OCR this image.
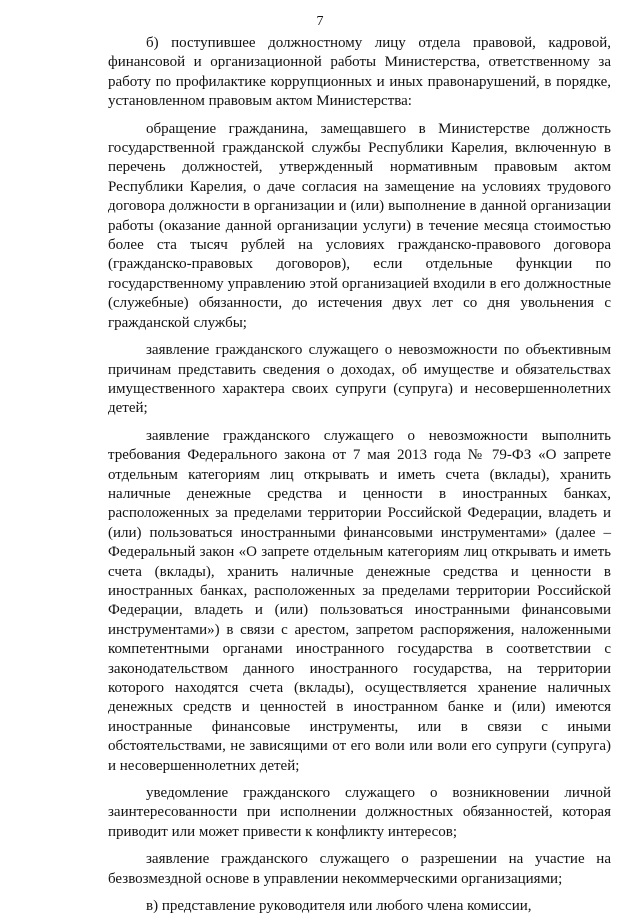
7

б) поступившее должностному лицу отдела правовой, кадровой, финансовой и организационной работы Министерства, ответственному за работу по профилактике коррупционных и иных правонарушений, в порядке, установленном правовым актом Министерства:

обращение гражданина, замещавшего в Министерстве должность государственной гражданской службы Республики Карелия, включенную в перечень должностей, утвержденный нормативным правовым актом Республики Карелия, о даче согласия на замещение на условиях трудового договора должности в организации и (или) выполнение в данной организации работы (оказание данной организации услуги) в течение месяца стоимостью более ста тысяч рублей на условиях гражданско-правового договора (гражданско-правовых договоров), если отдельные функции по государственному управлению этой организацией входили в его должностные (служебные) обязанности, до истечения двух лет со дня увольнения с гражданской службы;

заявление гражданского служащего о невозможности по объективным причинам представить сведения о доходах, об имуществе и обязательствах имущественного характера своих супруги (супруга) и несовершеннолетних детей;

заявление гражданского служащего о невозможности выполнить требования Федерального закона от 7 мая 2013 года № 79-ФЗ «О запрете отдельным категориям лиц открывать и иметь счета (вклады), хранить наличные денежные средства и ценности в иностранных банках, расположенных за пределами территории Российской Федерации, владеть и (или) пользоваться иностранными финансовыми инструментами» (далее – Федеральный закон «О запрете отдельным категориям лиц открывать и иметь счета (вклады), хранить наличные денежные средства и ценности в иностранных банках, расположенных за пределами территории Российской Федерации, владеть и (или) пользоваться иностранными финансовыми инструментами») в связи с арестом, запретом распоряжения, наложенными компетентными органами иностранного государства в соответствии с законодательством данного иностранного государства, на территории которого находятся счета (вклады), осуществляется хранение наличных денежных средств и ценностей в иностранном банке и (или) имеются иностранные финансовые инструменты, или в связи с иными обстоятельствами, не зависящими от его воли или воли его супруги (супруга) и несовершеннолетних детей;

уведомление гражданского служащего о возникновении личной заинтересованности при исполнении должностных обязанностей, которая приводит или может привести к конфликту интересов;

заявление гражданского служащего о разрешении на участие на безвозмездной основе в управлении некоммерческими организациями;

в) представление руководителя или любого члена комиссии,
